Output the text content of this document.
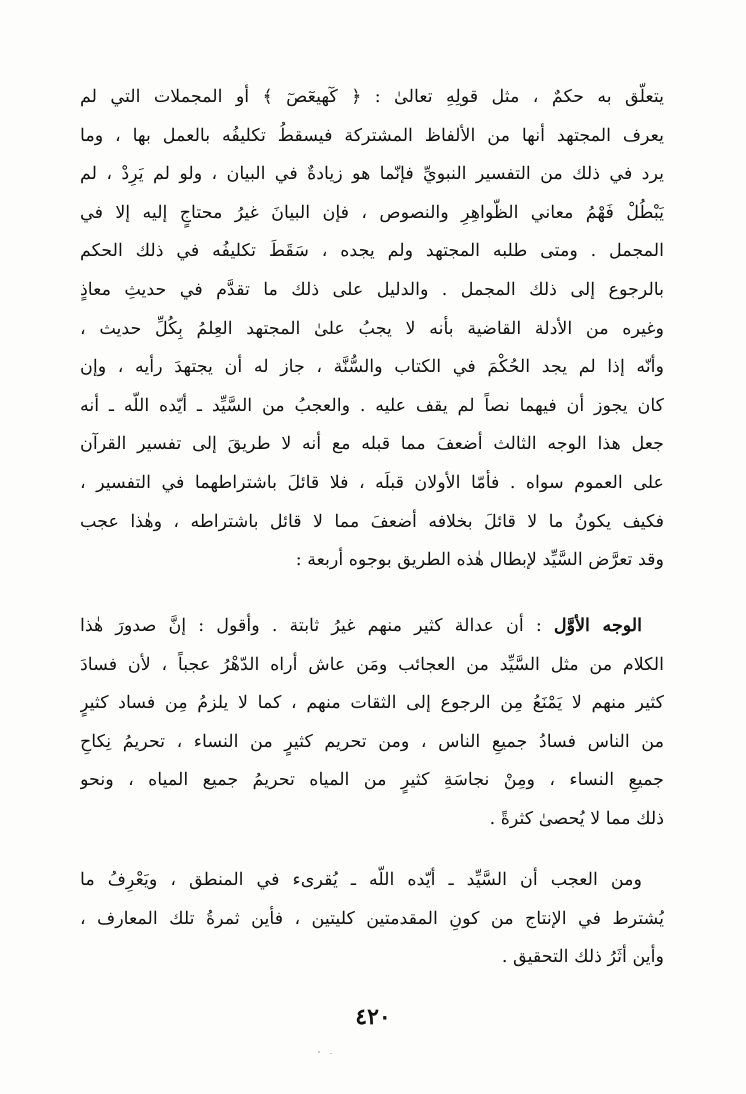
يتعلّق به حكمٌ ، مثل قولِهِ تعالىٰ : ﴿ كٓهيعٓصٓ ﴾ أو المجملات التي لم
يعرف المجتهد أنها من الألفاظ المشتركة فيسقطُ تكليفُه بالعمل بها ، وما
يرد في ذلك من التفسير النبويِّ فإنّما هو زيادةٌ في البيان ، ولو لم يَرِدْ ، لم
يَبْطُلْ فَهْمُ معاني الظّواهِرِ والنصوص ، فإن البيانَ غيرُ محتاجٍ إليه إلا في
المجمل . ومتى طلبه المجتهد ولم يجده ، سَقَطَ تكليفُه في ذلك الحكم
بالرجوع إلى ذلك المجمل . والدليل على ذلك ما تقدَّم في حديثِ معاذٍ
وغيره من الأدلة القاضية بأنه لا يجبُ علىٰ المجتهد العِلمُ بِكُلِّ حديث ،
وأنّه إذا لم يجد الحُكْمَ في الكتاب والسُّنَّة ، جاز له أن يجتهدَ رأيه ، وإن
كان يجوز أن فيهما نصاً لم يقف عليه . والعجبُ من السَّيِّد ـ أيّده اللّه ـ أنه
جعل هذا الوجه الثالث أضعفَ مما قبله مع أنه لا طريقَ إلى تفسير القرآن
على العموم سواه . فأمّا الأولان قبلَه ، فلا قائلَ باشتراطهما في التفسير ،
فكيف يكونُ ما لا قائلَ بخلافه أضعفَ مما لا قائل باشتراطه ، وهٰذا عجب
وقد تعرَّض السَّيِّد لإبطال هٰذه الطريق بوجوه أربعة :
الوجه الأوَّل : أن عدالة كثير منهم غيرُ ثابتة . وأقول : إنَّ صدورَ هٰذا
الكلام من مثل السَّيِّد من العجائب ومَن عاش أراه الدّهْرُ عجباً ، لأن فسادَ
كثير منهم لا يَمْنَعُ مِن الرجوع إلى الثقات منهم ، كما لا يلزمُ مِن فساد كثيرٍ
من الناس فسادُ جميعِ الناس ، ومن تحريم كثيرٍ من النساء ، تحريمُ نِكاحِ
جميعِ النساء ، ومِنْ نجاسَةِ كثيرٍ من المياه تحريمُ جميع المياه ، ونحو
ذلك مما لا يُحصىٰ كثرةً .
ومن العجب أن السَّيِّد ـ أيّده اللّه ـ يُقرىء في المنطق ، ويَعْرِفُ ما
يُشترط في الإنتاج من كونِ المقدمتين كليتين ، فأين ثمرةُ تلك المعارف ،
وأين أثَرُ ذلك التحقيق .
٤٢٠
